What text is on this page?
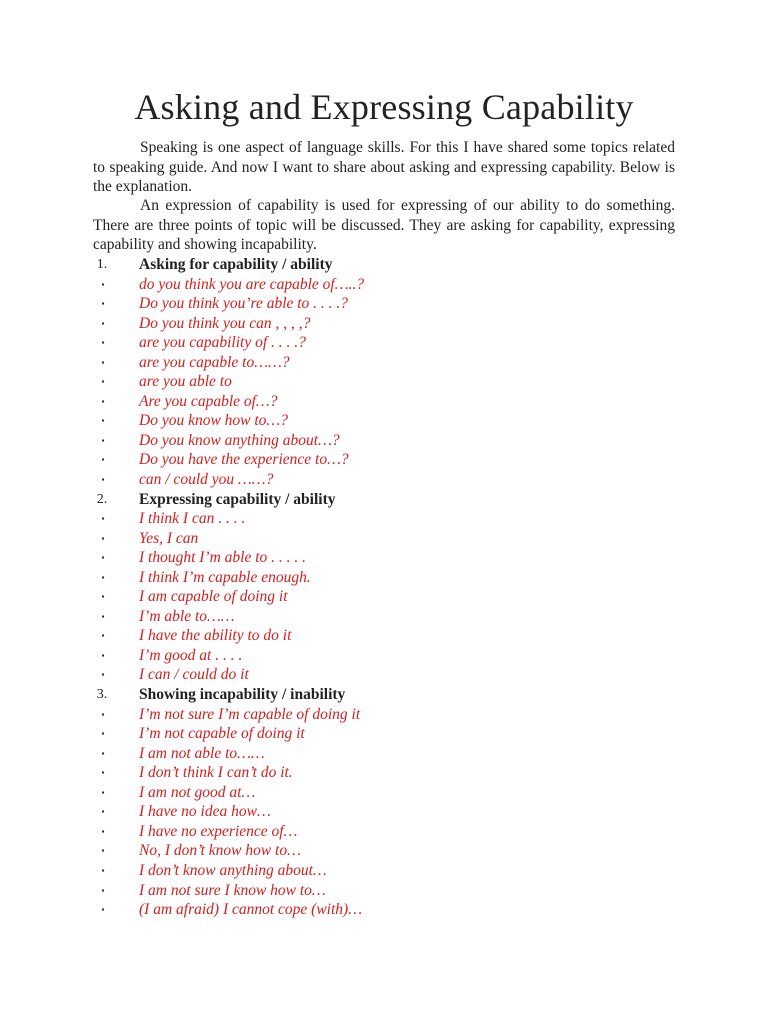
Asking and Expressing Capability

Speaking is one aspect of language skills. For this I have shared some topics related to speaking guide. And now I want to share about asking and expressing capability. Below is the explanation.

An expression of capability is used for expressing of our ability to do something. There are three points of topic will be discussed. They are asking for capability, expressing capability and showing incapability.

1.	Asking for capability / ability
▪	do you think you are capable of…..?
▪	Do you think you’re able to . . . .?
▪	Do you think you can , , , ,?
▪	are you capability of . . . .?
▪	are you capable to……?
▪	are you able to
▪	Are you capable of…?
▪	Do you know how to…?
▪	Do you know anything about…?
▪	Do you have the experience to…?
▪	can / could you ……?
2.	Expressing capability / ability
▪	I think I can . . . .
▪	Yes, I can
▪	I thought I’m able to . . . . .
▪	I think I’m capable enough.
▪	I am capable of doing it
▪	I’m able to……
▪	I have the ability to do it
▪	I’m good at . . . .
▪	I can / could do it
3.	Showing incapability / inability
▪	I’m not sure I’m capable of doing it
▪	I’m not capable of doing it
▪	I am not able to……
▪	I don’t think I can’t do it.
▪	I am not good at…
▪	I have no idea how…
▪	I have no experience of…
▪	No, I don’t know how to…
▪	I don’t know anything about…
▪	I am not sure I know how to…
▪	(I am afraid) I cannot cope (with)…
